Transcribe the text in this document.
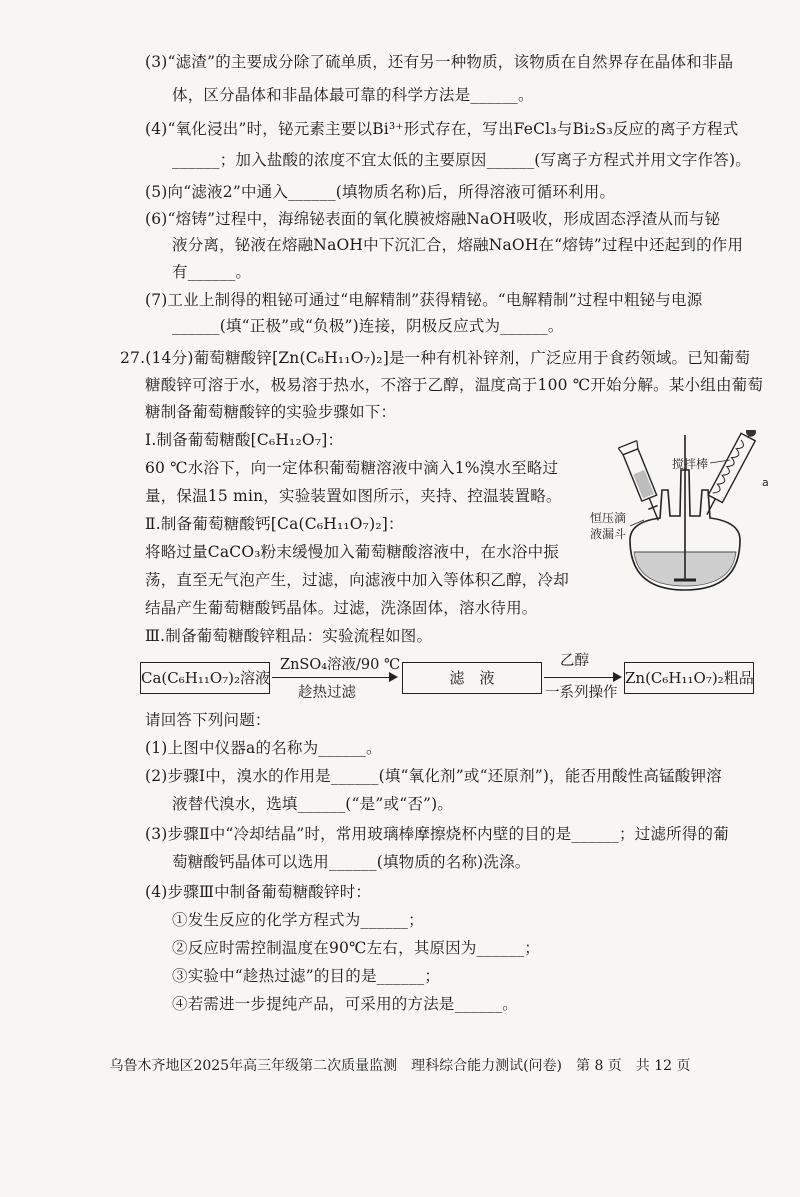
(3)“滤渣”的主要成分除了硫单质，还有另一种物质，该物质在自然界存在晶体和非晶
体，区分晶体和非晶体最可靠的科学方法是______。
(4)“氧化浸出”时，铋元素主要以Bi³⁺形式存在，写出FeCl₃与Bi₂S₃反应的离子方程式
______；加入盐酸的浓度不宜太低的主要原因______(写离子方程式并用文字作答)。
(5)向“滤液2”中通入______(填物质名称)后，所得溶液可循环利用。
(6)“熔铸”过程中，海绵铋表面的氧化膜被熔融NaOH吸收，形成固态浮渣从而与铋
液分离，铋液在熔融NaOH中下沉汇合，熔融NaOH在“熔铸”过程中还起到的作用
有______。
(7)工业上制得的粗铋可通过“电解精制”获得精铋。“电解精制”过程中粗铋与电源
______(填“正极”或“负极”)连接，阴极反应式为______。
27.(14分)葡萄糖酸锌[Zn(C₆H₁₁O₇)₂]是一种有机补锌剂，广泛应用于食药领域。已知葡萄
糖酸锌可溶于水，极易溶于热水，不溶于乙醇，温度高于100 ℃开始分解。某小组由葡萄
糖制备葡萄糖酸锌的实验步骤如下：
Ⅰ.制备葡萄糖酸[C₆H₁₂O₇]：
60 ℃水浴下，向一定体积葡萄糖溶液中滴入1%溴水至略过
量，保温15 min，实验装置如图所示，夹持、控温装置略。
Ⅱ.制备葡萄糖酸钙[Ca(C₆H₁₁O₇)₂]：
将略过量CaCO₃粉末缓慢加入葡萄糖酸溶液中，在水浴中振
荡，直至无气泡产生，过滤，向滤液中加入等体积乙醇，冷却
结晶产生葡萄糖酸钙晶体。过滤，洗涤固体，溶水待用。
Ⅲ.制备葡萄糖酸锌粗品：实验流程如图。
搅拌棒
恒压滴
液漏斗
a
Ca(C₆H₁₁O₇)₂溶液
ZnSO₄溶液/90 ℃
趁热过滤
滤　液
乙醇
一系列操作
Zn(C₆H₁₁O₇)₂粗品
请回答下列问题：
(1)上图中仪器a的名称为______。
(2)步骤Ⅰ中，溴水的作用是______(填“氧化剂”或“还原剂”)，能否用酸性高锰酸钾溶
液替代溴水，选填______(“是”或“否”)。
(3)步骤Ⅱ中“冷却结晶”时，常用玻璃棒摩擦烧杯内壁的目的是______；过滤所得的葡
萄糖酸钙晶体可以选用______(填物质的名称)洗涤。
(4)步骤Ⅲ中制备葡萄糖酸锌时：
①发生反应的化学方程式为______；
②反应时需控制温度在90℃左右，其原因为______；
③实验中“趁热过滤”的目的是______；
④若需进一步提纯产品，可采用的方法是______。
乌鲁木齐地区2025年高三年级第二次质量监测　理科综合能力测试(问卷)　第 8 页　共 12 页
